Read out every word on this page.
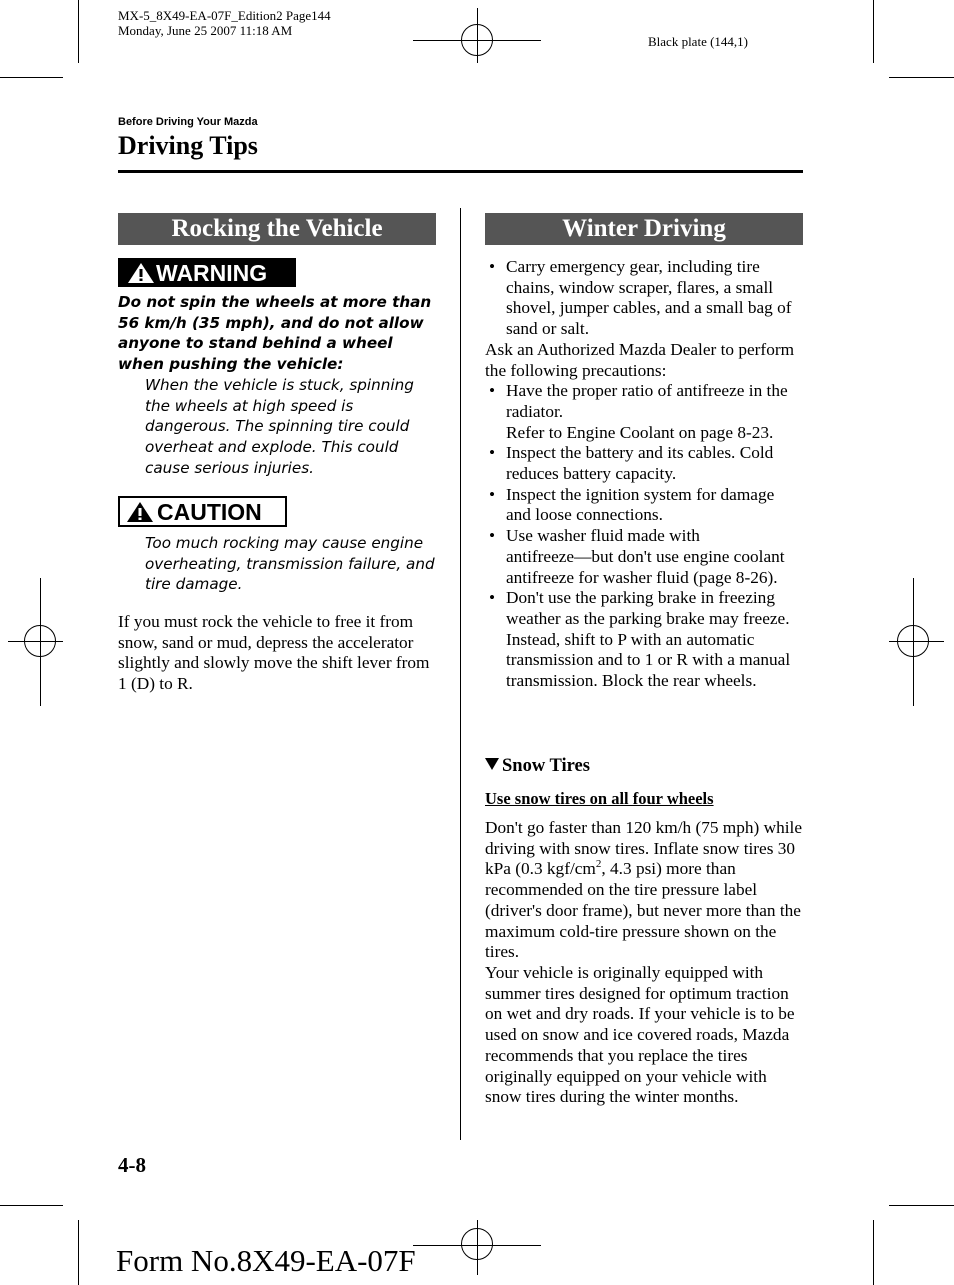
MX-5_8X49-EA-07F_Edition2 Page144
Monday, June 25 2007 11:18 AM
Black plate (144,1)
Before Driving Your Mazda
Driving Tips
Rocking the Vehicle
WARNING
Do not spin the wheels at more than 56 km/h (35 mph), and do not allow anyone to stand behind a wheel when pushing the vehicle:
When the vehicle is stuck, spinning the wheels at high speed is dangerous. The spinning tire could overheat and explode. This could cause serious injuries.
CAUTION
Too much rocking may cause engine overheating, transmission failure, and tire damage.
If you must rock the vehicle to free it from snow, sand or mud, depress the accelerator slightly and slowly move the shift lever from 1 (D) to R.
Winter Driving
• Carry emergency gear, including tire chains, window scraper, flares, a small shovel, jumper cables, and a small bag of sand or salt.
Ask an Authorized Mazda Dealer to perform the following precautions:
• Have the proper ratio of antifreeze in the radiator.
Refer to Engine Coolant on page 8-23.
• Inspect the battery and its cables. Cold reduces battery capacity.
• Inspect the ignition system for damage and loose connections.
• Use washer fluid made with antifreeze―but don't use engine coolant antifreeze for washer fluid (page 8-26).
• Don't use the parking brake in freezing weather as the parking brake may freeze. Instead, shift to P with an automatic transmission and to 1 or R with a manual transmission. Block the rear wheels.
Snow Tires
Use snow tires on all four wheels
Don't go faster than 120 km/h (75 mph) while driving with snow tires. Inflate snow tires 30 kPa (0.3 kgf/$cm^2$, 4.3 psi) more than recommended on the tire pressure label (driver's door frame), but never more than the maximum cold-tire pressure shown on the tires.
Your vehicle is originally equipped with summer tires designed for optimum traction on wet and dry roads. If your vehicle is to be used on snow and ice covered roads, Mazda recommends that you replace the tires originally equipped on your vehicle with snow tires during the winter months.
4-8
Form No.8X49-EA-07F
